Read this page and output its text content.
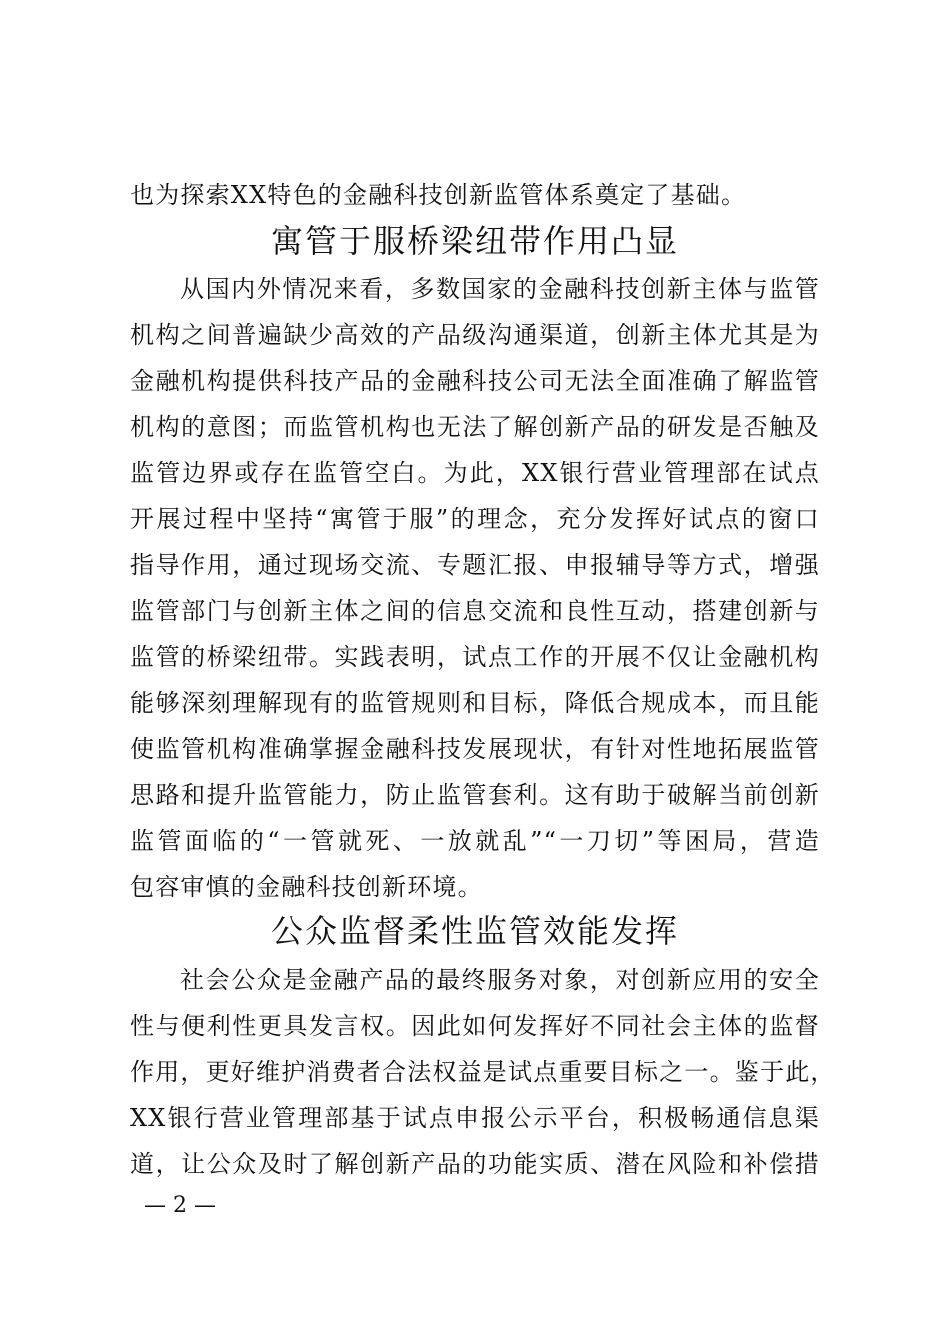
也为探索XX特色的金融科技创新监管体系奠定了基础。
寓管于服桥梁纽带作用凸显
从国内外情况来看，多数国家的金融科技创新主体与监管
机构之间普遍缺少高效的产品级沟通渠道，创新主体尤其是为
金融机构提供科技产品的金融科技公司无法全面准确了解监管
机构的意图；而监管机构也无法了解创新产品的研发是否触及
监管边界或存在监管空白。为此，XX银行营业管理部在试点
开展过程中坚持“寓管于服”的理念，充分发挥好试点的窗口
指导作用，通过现场交流、专题汇报、申报辅导等方式，增强
监管部门与创新主体之间的信息交流和良性互动，搭建创新与
监管的桥梁纽带。实践表明，试点工作的开展不仅让金融机构
能够深刻理解现有的监管规则和目标，降低合规成本，而且能
使监管机构准确掌握金融科技发展现状，有针对性地拓展监管
思路和提升监管能力，防止监管套利。这有助于破解当前创新
监管面临的“一管就死、一放就乱”“一刀切”等困局，营造
包容审慎的金融科技创新环境。
公众监督柔性监管效能发挥
社会公众是金融产品的最终服务对象，对创新应用的安全
性与便利性更具发言权。因此如何发挥好不同社会主体的监督
作用，更好维护消费者合法权益是试点重要目标之一。鉴于此，
XX银行营业管理部基于试点申报公示平台，积极畅通信息渠
道，让公众及时了解创新产品的功能实质、潜在风险和补偿措
— 2 —
